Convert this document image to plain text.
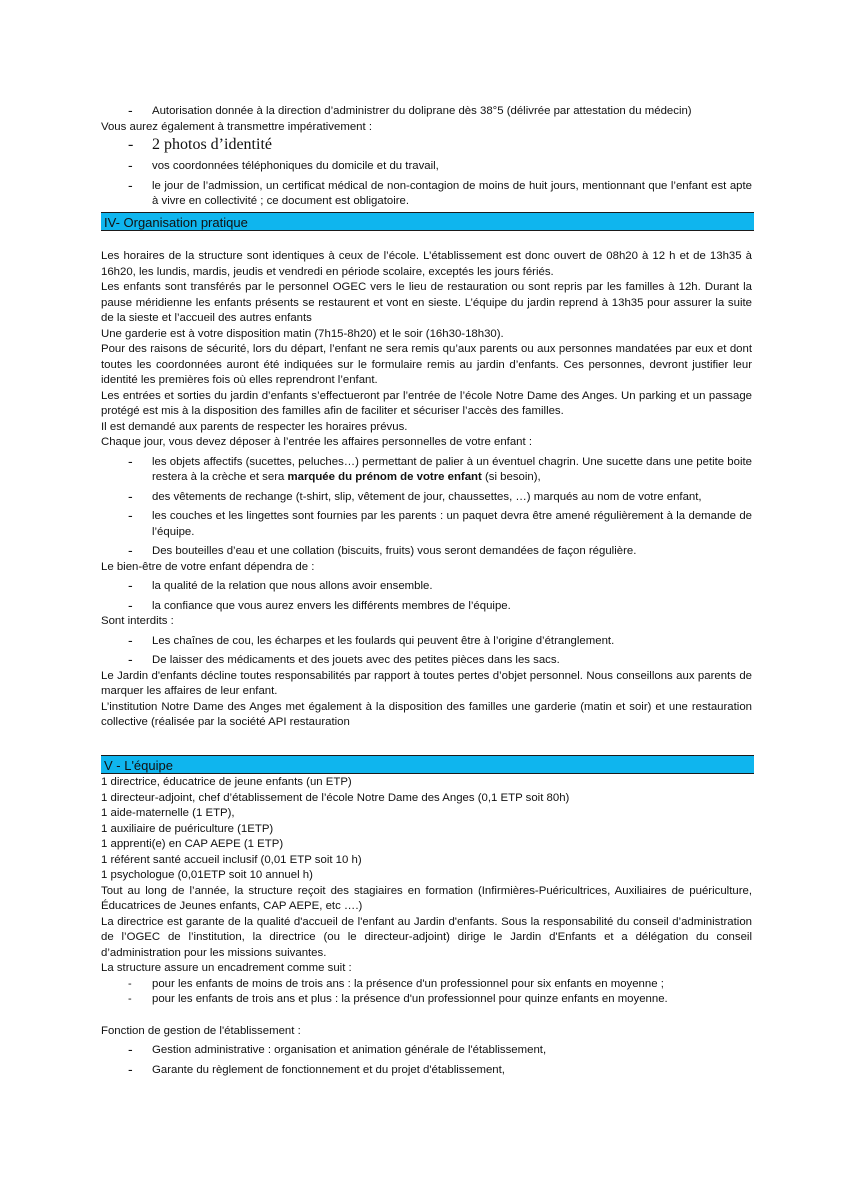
- Autorisation donnée à la direction d’administrer du doliprane dès 38°5 (délivrée par attestation du médecin)

Vous aurez également à transmettre impérativement :

- 2 photos d’identité
- vos coordonnées téléphoniques du domicile et du travail,
- le jour de l’admission, un certificat médical de non-contagion de moins de huit jours, mentionnant que l’enfant est apte à vivre en collectivité ; ce document est obligatoire.
IV- Organisation pratique

Les horaires de la structure sont identiques à ceux de l’école. L’établissement est donc ouvert de 08h20 à 12 h et de 13h35 à 16h20, les lundis, mardis, jeudis et vendredi en période scolaire, exceptés les jours fériés.

Les enfants sont transférés par le personnel OGEC vers le lieu de restauration ou sont repris par les familles à 12h. Durant la pause méridienne les enfants présents se restaurent et vont en sieste. L’équipe du jardin reprend à 13h35 pour assurer la suite de la sieste et l’accueil des autres enfants

Une garderie est à votre disposition matin (7h15-8h20) et le soir (16h30-18h30).

Pour des raisons de sécurité, lors du départ, l’enfant ne sera remis qu’aux parents ou aux personnes mandatées par eux et dont toutes les coordonnées auront été indiquées sur le formulaire remis au jardin d’enfants. Ces personnes, devront justifier leur identité les premières fois où elles reprendront l’enfant.

Les entrées et sorties du jardin d’enfants s’effectueront par l’entrée de l’école Notre Dame des Anges. Un parking et un passage protégé est mis à la disposition des familles afin de faciliter et sécuriser l’accès des familles.

Il est demandé aux parents de respecter les horaires prévus.

Chaque jour, vous devez déposer à l’entrée les affaires personnelles de votre enfant :

- les objets affectifs (sucettes, peluches…) permettant de palier à un éventuel chagrin. Une sucette dans une petite boite restera à la crèche et sera marquée du prénom de votre enfant (si besoin),
- des vêtements de rechange (t-shirt, slip, vêtement de jour, chaussettes, …) marqués au nom de votre enfant,
- les couches et les lingettes sont fournies par les parents : un paquet devra être amené régulièrement à la demande de l’équipe.
- Des bouteilles d’eau et une collation (biscuits, fruits) vous seront demandées de façon régulière.

Le bien-être de votre enfant dépendra de :

- la qualité de la relation que nous allons avoir ensemble.
- la confiance que vous aurez envers les différents membres de l’équipe.

Sont interdits :

- Les chaînes de cou, les écharpes et les foulards qui peuvent être à l’origine d’étranglement.
- De laisser des médicaments et des jouets avec des petites pièces dans les sacs.

Le Jardin d'enfants décline toutes responsabilités par rapport à toutes pertes d’objet personnel. Nous conseillons aux parents de marquer les affaires de leur enfant.

L’institution Notre Dame des Anges met également à la disposition des familles une garderie (matin et soir) et une restauration collective (réalisée par la société API restauration

V - L'équipe

1 directrice, éducatrice de jeune enfants (un ETP)

1 directeur-adjoint, chef d’établissement de l’école Notre Dame des Anges (0,1 ETP soit 80h)

1 aide-maternelle (1 ETP),

1 auxiliaire de puériculture (1ETP)

1 apprenti(e) en CAP AEPE (1 ETP)

1 référent santé accueil inclusif (0,01 ETP soit 10 h)

1 psychologue (0,01ETP soit 10 annuel h)

Tout au long de l’année, la structure reçoit des stagiaires en formation (Infirmières-Puéricultrices, Auxiliaires de puériculture, Éducatrices de Jeunes enfants, CAP AEPE, etc ….)

La directrice est garante de la qualité d'accueil de l'enfant au Jardin d'enfants. Sous la responsabilité du conseil d’administration de l’OGEC de l’institution, la directrice (ou le directeur-adjoint) dirige le Jardin d'Enfants et a délégation du conseil d’administration pour les missions suivantes.

La structure assure un encadrement comme suit :

- pour les enfants de moins de trois ans : la présence d'un professionnel pour six enfants en moyenne ;
- pour les enfants de trois ans et plus : la présence d'un professionnel pour quinze enfants en moyenne.

Fonction de gestion de l'établissement :

- Gestion administrative : organisation et animation générale de l'établissement,
- Garante du règlement de fonctionnement et du projet d'établissement,
